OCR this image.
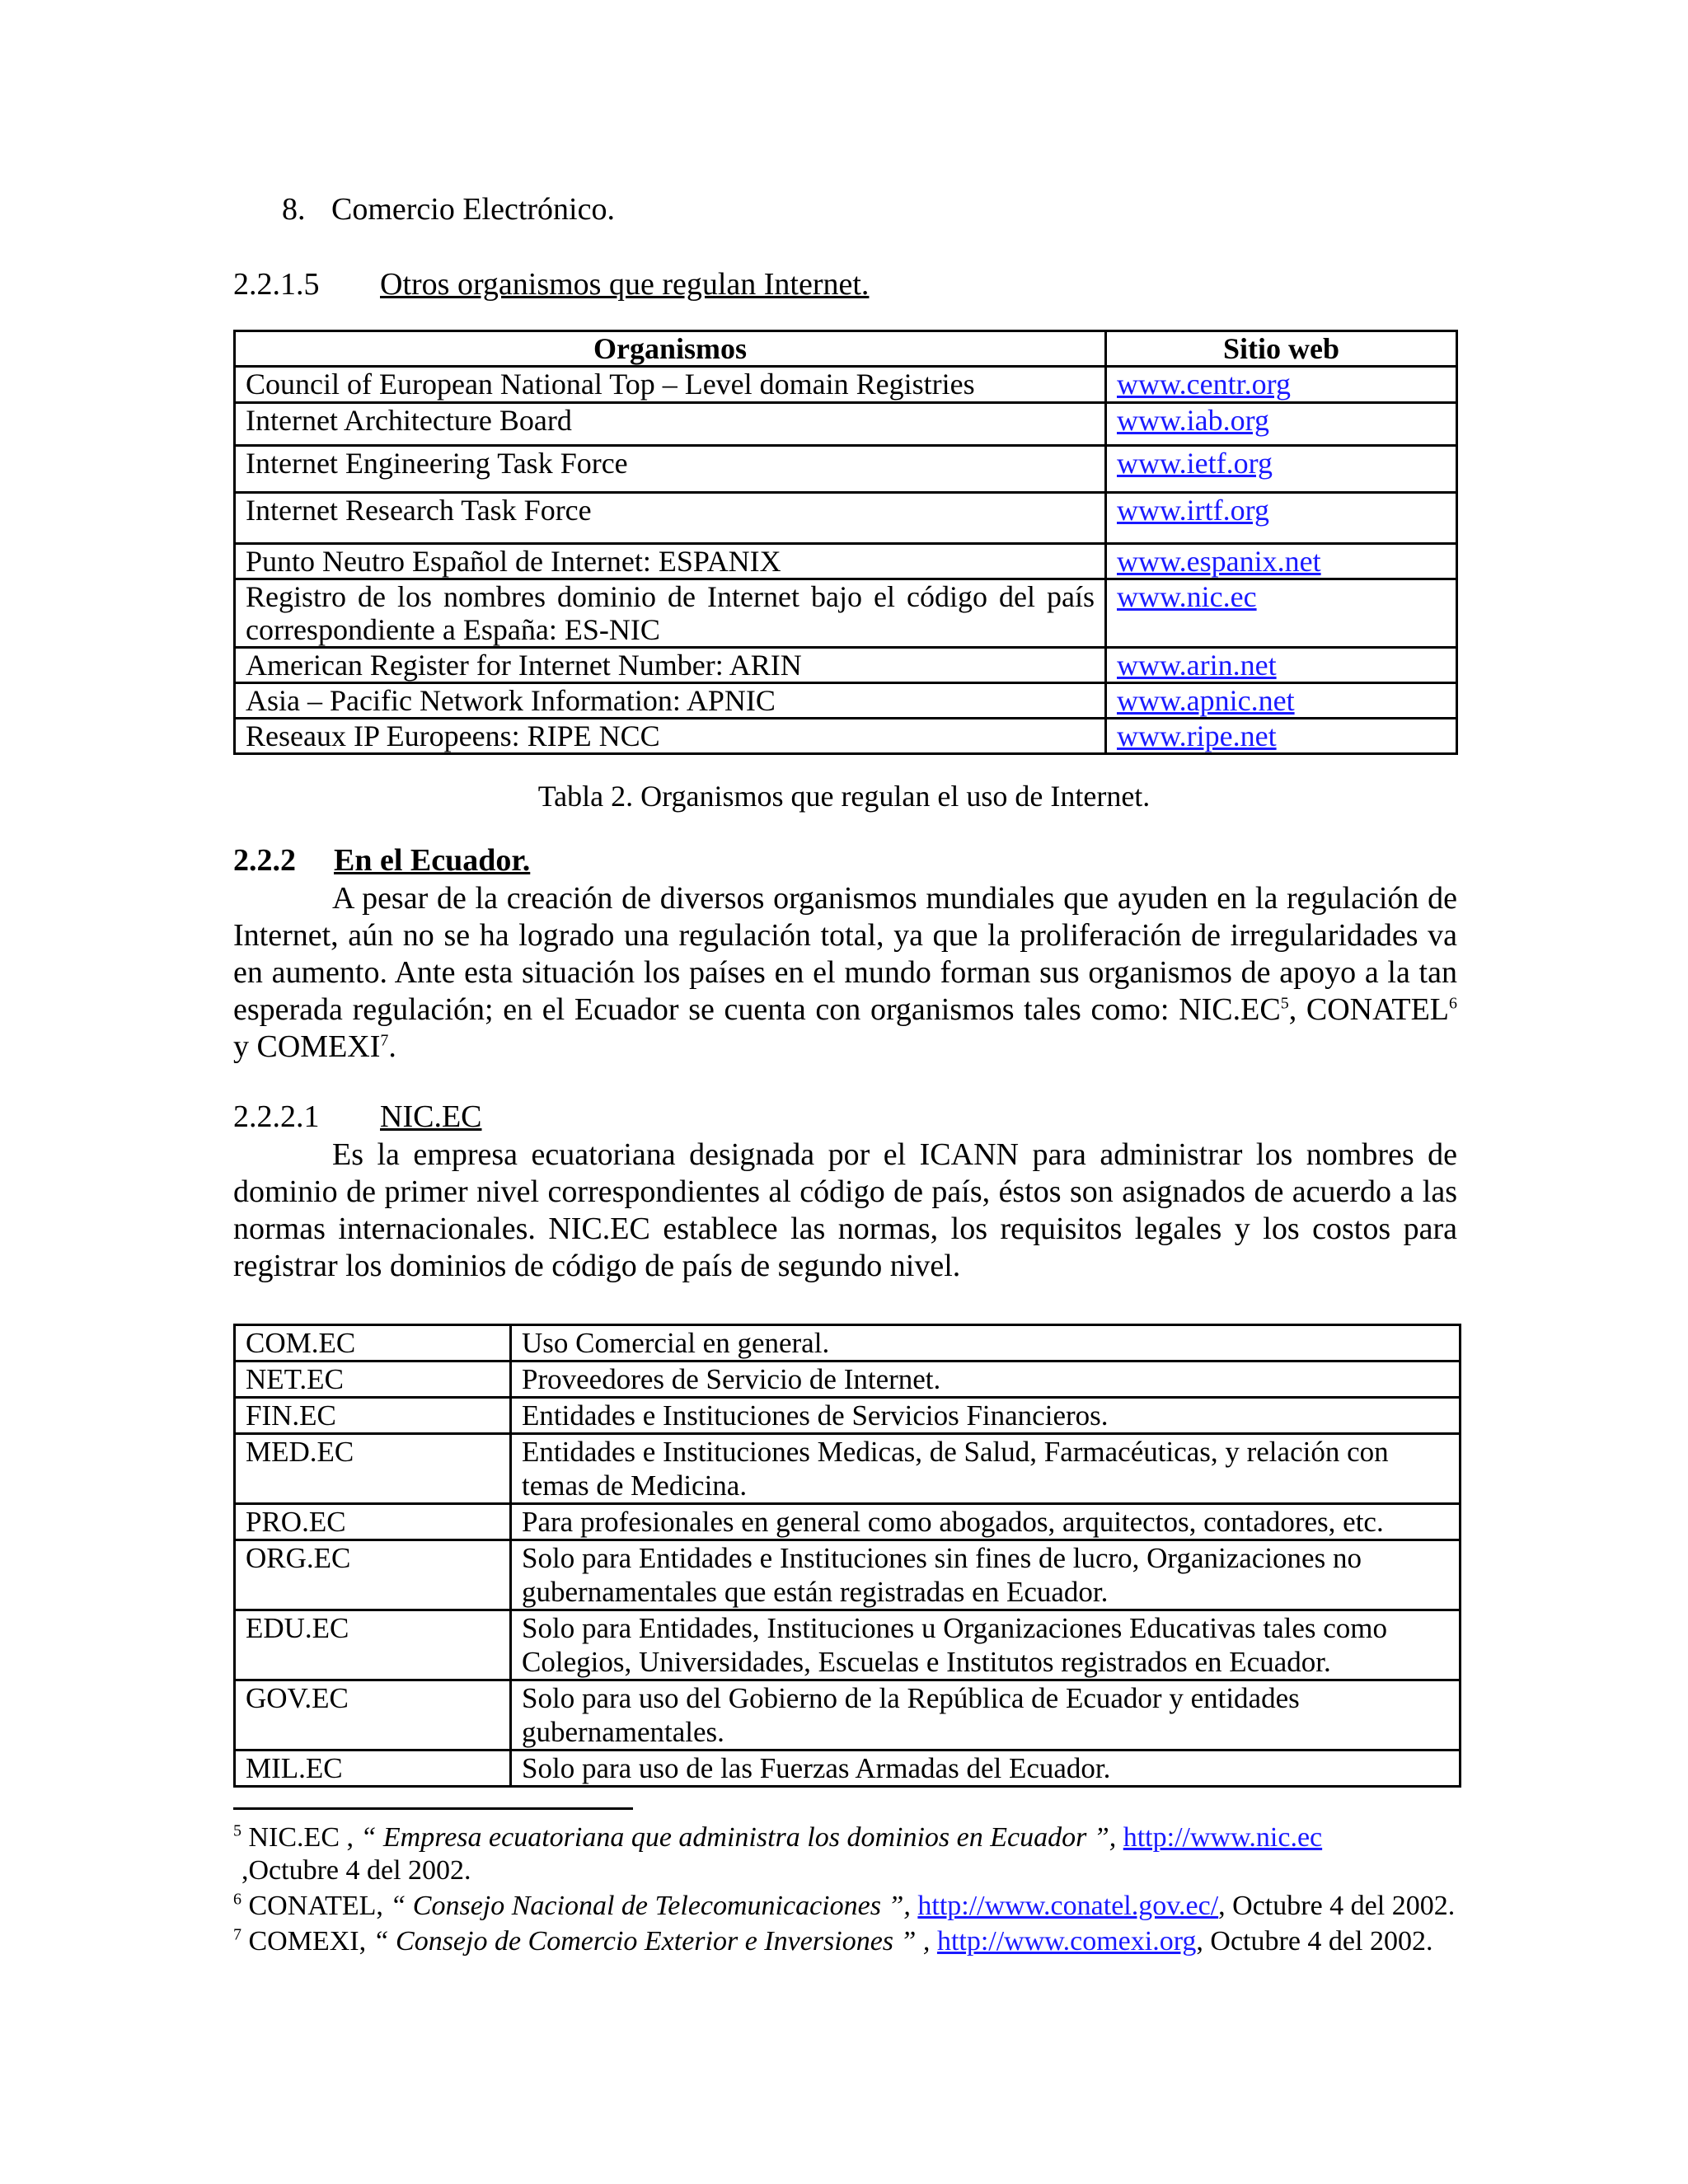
8. Comercio Electrónico.
2.2.1.5 Otros organismos que regulan Internet.
Organismos	Sitio web
Council of European National Top – Level domain Registries	www.centr.org
Internet Architecture Board	www.iab.org
Internet Engineering Task Force	www.ietf.org
Internet Research Task Force	www.irtf.org
Punto Neutro Español de Internet: ESPANIX	www.espanix.net
Registro de los nombres dominio de Internet bajo el código del país correspondiente a España: ES-NIC	www.nic.ec
American Register for Internet Number: ARIN	www.arin.net
Asia – Pacific Network Information: APNIC	www.apnic.net
Reseaux IP Europeens: RIPE NCC	www.ripe.net
Tabla 2. Organismos que regulan el uso de Internet.
2.2.2 En el Ecuador.
A pesar de la creación de diversos organismos mundiales que ayuden en la regulación de Internet, aún no se ha logrado una regulación total, ya que la proliferación de irregularidades va en aumento. Ante esta situación los países en el mundo forman sus organismos de apoyo a la tan esperada regulación; en el Ecuador se cuenta con organismos tales como: $NIC.EC^5$, CONATEL$^6$ y COMEXI$^7$.
2.2.2.1 NIC.EC
Es la empresa ecuatoriana designada por el ICANN para administrar los nombres de dominio de primer nivel correspondientes al código de país, éstos son asignados de acuerdo a las normas internacionales. NIC.EC establece las normas, los requisitos legales y los costos para registrar los dominios de código de país de segundo nivel.
COM.EC	Uso Comercial en general.
NET.EC	Proveedores de Servicio de Internet.
FIN.EC	Entidades e Instituciones de Servicios Financieros.
MED.EC	Entidades e Instituciones Medicas, de Salud, Farmacéuticas, y relación con temas de Medicina.
PRO.EC	Para profesionales en general como abogados, arquitectos, contadores, etc.
ORG.EC	Solo para Entidades e Instituciones sin fines de lucro, Organizaciones no gubernamentales que están registradas en Ecuador.
EDU.EC	Solo para Entidades, Instituciones u Organizaciones Educativas tales como Colegios, Universidades, Escuelas e Institutos registrados en Ecuador.
GOV.EC	Solo para uso del Gobierno de la República de Ecuador y entidades gubernamentales.
MIL.EC	Solo para uso de las Fuerzas Armadas del Ecuador.
$^5$ NIC.EC , “ Empresa ecuatoriana que administra los dominios en Ecuador ”, http://www.nic.ec
,Octubre 4 del 2002.
$^6$ CONATEL, “ Consejo Nacional de Telecomunicaciones ”, http://www.conatel.gov.ec/, Octubre 4 del 2002.
$^7$ COMEXI, “ Consejo de Comercio Exterior e Inversiones ” , http://www.comexi.org, Octubre 4 del 2002.
